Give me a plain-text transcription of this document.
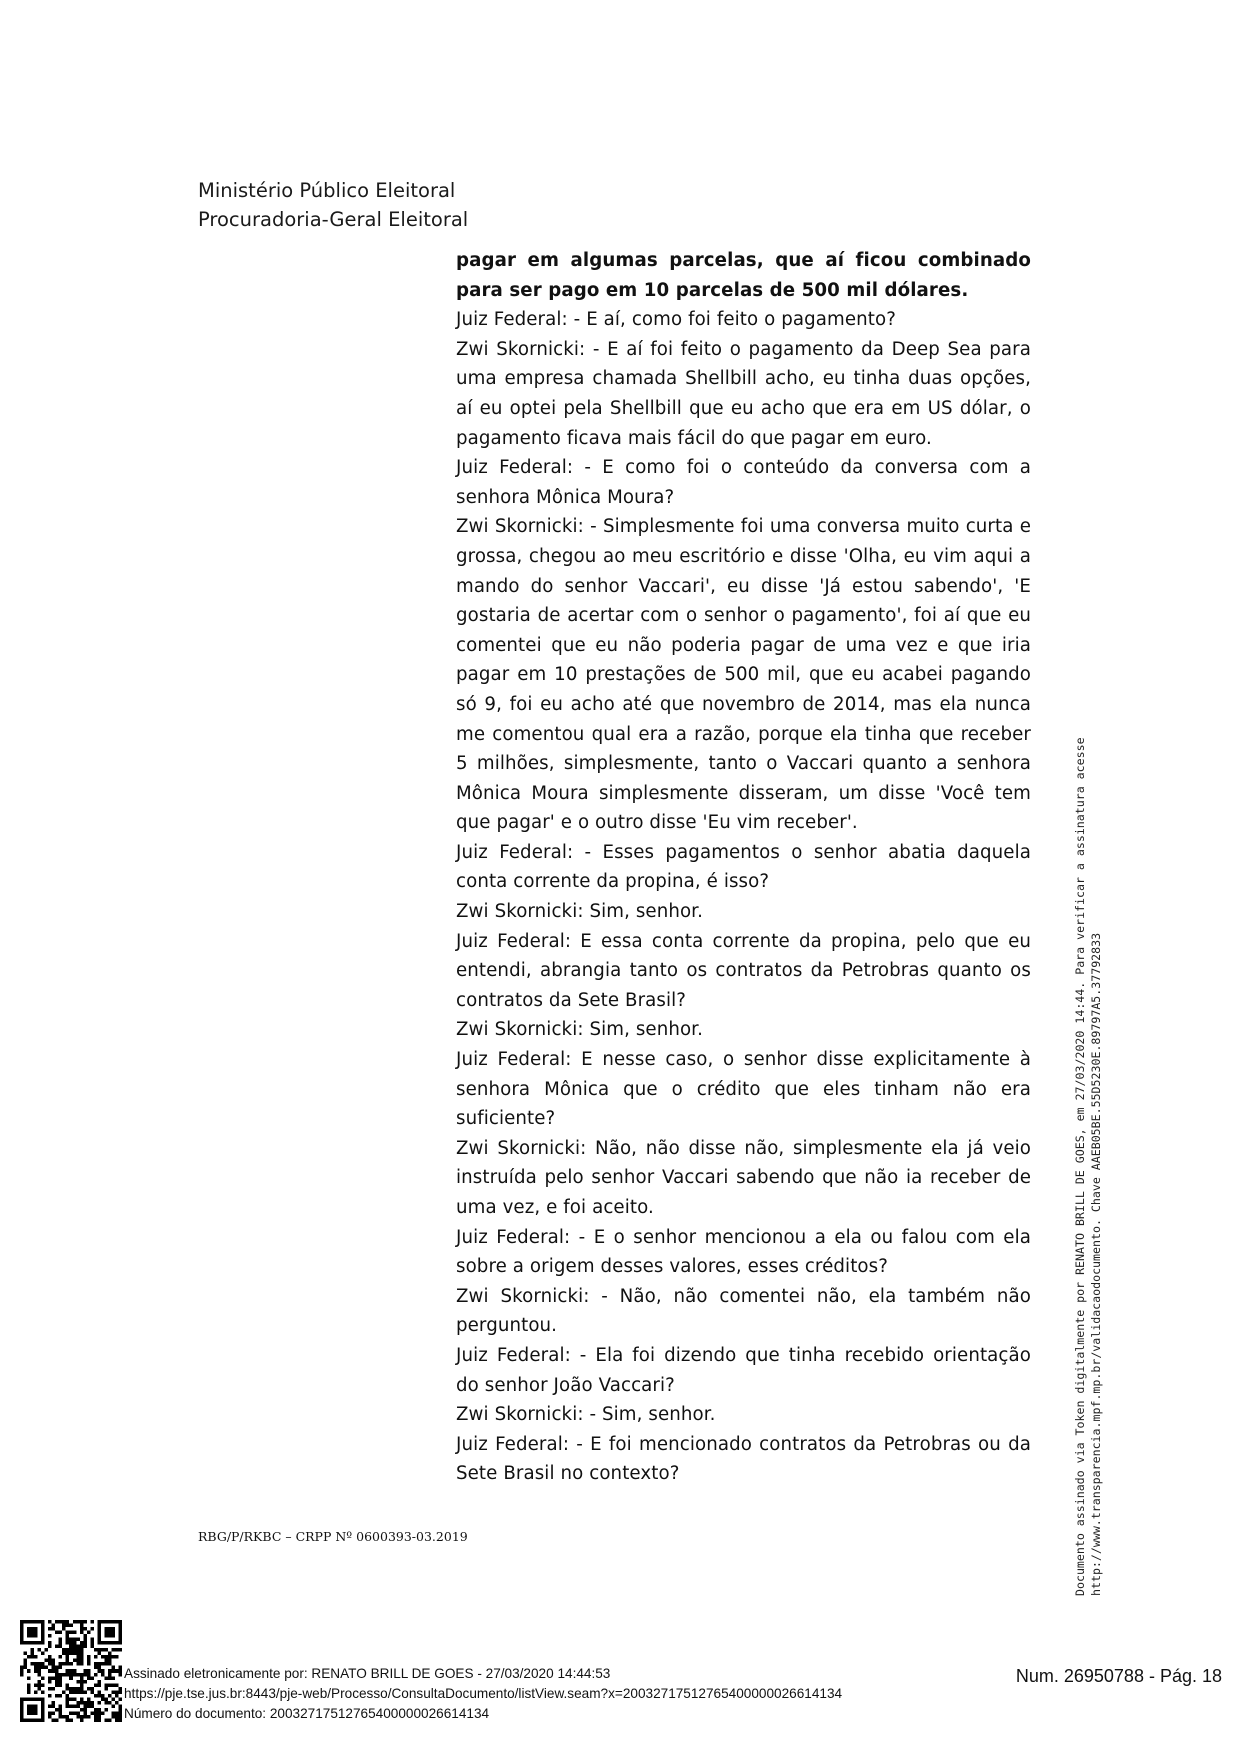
Ministério Público Eleitoral
Procuradoria-Geral Eleitoral

pagar em algumas parcelas, que aí ficou combinado para ser pago em 10 parcelas de 500 mil dólares.

Juiz Federal: - E aí, como foi feito o pagamento?

Zwi Skornicki: - E aí foi feito o pagamento da Deep Sea para uma empresa chamada Shellbill acho, eu tinha duas opções, aí eu optei pela Shellbill que eu acho que era em US dólar, o pagamento ficava mais fácil do que pagar em euro.

Juiz Federal: - E como foi o conteúdo da conversa com a senhora Mônica Moura?

Zwi Skornicki: - Simplesmente foi uma conversa muito curta e grossa, chegou ao meu escritório e disse 'Olha, eu vim aqui a mando do senhor Vaccari', eu disse 'Já estou sabendo', 'E gostaria de acertar com o senhor o pagamento', foi aí que eu comentei que eu não poderia pagar de uma vez e que iria pagar em 10 prestações de 500 mil, que eu acabei pagando só 9, foi eu acho até que novembro de 2014, mas ela nunca me comentou qual era a razão, porque ela tinha que receber 5 milhões, simplesmente, tanto o Vaccari quanto a senhora Mônica Moura simplesmente disseram, um disse 'Você tem que pagar' e o outro disse 'Eu vim receber'.

Juiz Federal: - Esses pagamentos o senhor abatia daquela conta corrente da propina, é isso?

Zwi Skornicki: Sim, senhor.

Juiz Federal: E essa conta corrente da propina, pelo que eu entendi, abrangia tanto os contratos da Petrobras quanto os contratos da Sete Brasil?

Zwi Skornicki: Sim, senhor.

Juiz Federal: E nesse caso, o senhor disse explicitamente à senhora Mônica que o crédito que eles tinham não era suficiente?

Zwi Skornicki: Não, não disse não, simplesmente ela já veio instruída pelo senhor Vaccari sabendo que não ia receber de uma vez, e foi aceito.

Juiz Federal: - E o senhor mencionou a ela ou falou com ela sobre a origem desses valores, esses créditos?

Zwi Skornicki: - Não, não comentei não, ela também não perguntou.

Juiz Federal: - Ela foi dizendo que tinha recebido orientação do senhor João Vaccari?

Zwi Skornicki: - Sim, senhor.

Juiz Federal: - E foi mencionado contratos da Petrobras ou da Sete Brasil no contexto?

RBG/P/RKBC – CRPP Nº 0600393-03.2019	Documento assinado via Token digitalmente por RENATO BRILL DE GOES, em 27/03/2020 14:44. Para verificar a assinatura acesse http://www.transparencia.mpf.mp.br/validacaodocumento. Chave AAEB05BE.55D5230E.89797A5.37792833
Assinado eletronicamente por: RENATO BRILL DE GOES - 27/03/2020 14:44:53
https://pje.tse.jus.br:8443/pje-web/Processo/ConsultaDocumento/listView.seam?x=20032717512765400000026614134
Número do documento: 20032717512765400000026614134
Num. 26950788 - Pág. 18
